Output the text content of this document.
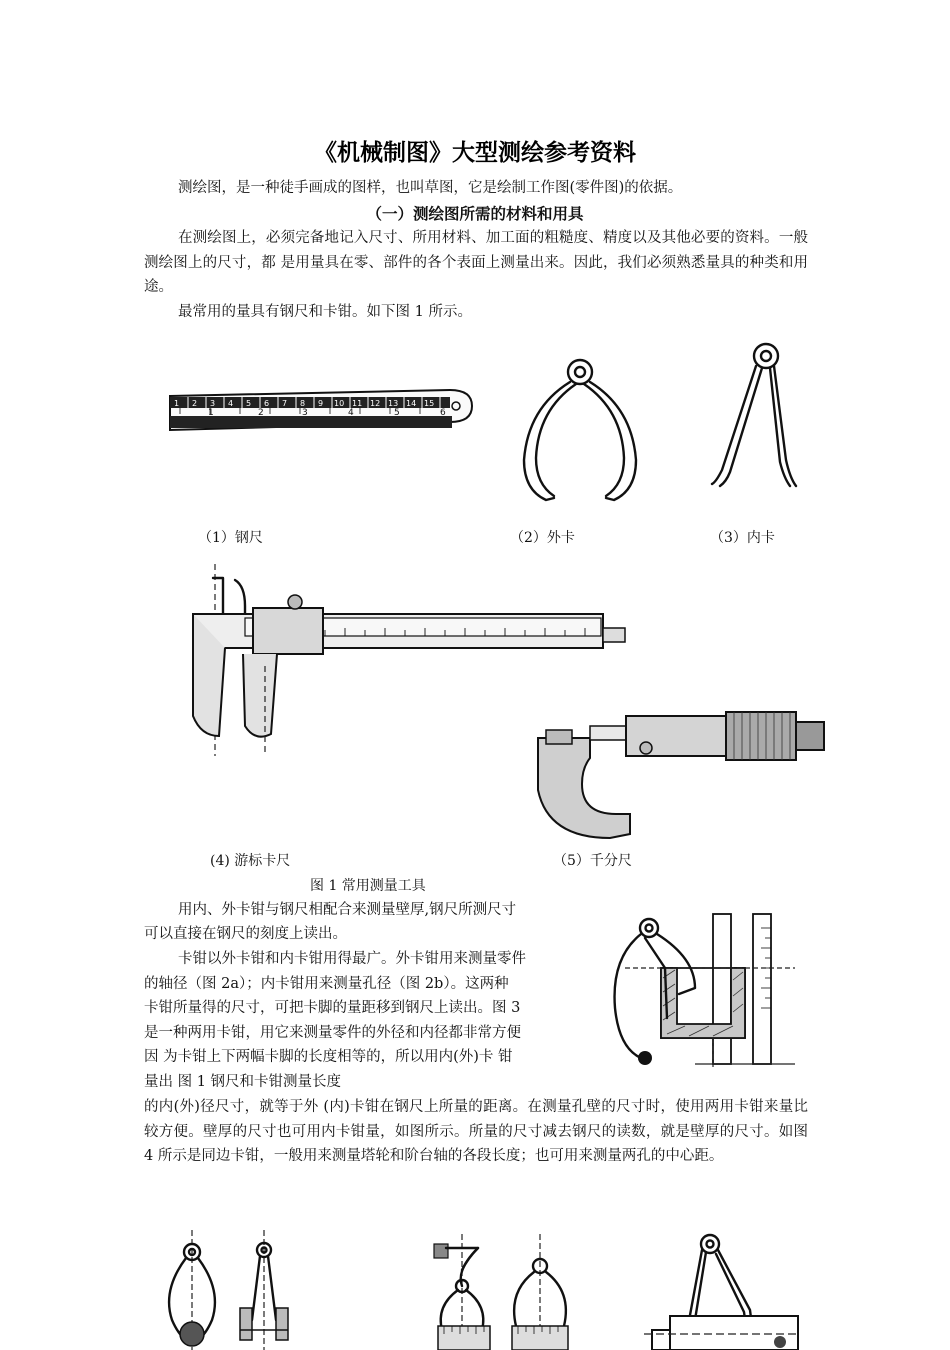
《机械制图》大型测绘参考资料
测绘图，是一种徒手画成的图样，也叫草图，它是绘制工作图(零件图)的依据。
（一）测绘图所需的材料和用具
在测绘图上，必须完备地记入尺寸、所用材料、加工面的粗糙度、精度以及其他必要的资料。一般测绘图上的尺寸，都 是用量具在零、部件的各个表面上测量出来。因此，我们必须熟悉量具的种类和用途。
最常用的量具有钢尺和卡钳。如下图 1 所示。
1 2 3 4 5 6 7 8 9 10 11 12 13 14 15
1	2	3	4	5	6
（1）钢尺	（2）外卡	（3）内卡
(4) 游标卡尺	（5）千分尺
图 1 常用测量工具
用内、外卡钳与钢尺相配合来测量壁厚,钢尺所测尺寸
可以直接在钢尺的刻度上读出。
卡钳以外卡钳和内卡钳用得最广。外卡钳用来测量零件
的轴径（图 2a）；内卡钳用来测量孔径（图 2b）。这两种
卡钳所量得的尺寸，可把卡脚的量距移到钢尺上读出。图 3
是一种两用卡钳，用它来测量零件的外径和内径都非常方便
因 为卡钳上下两幅卡脚的长度相等的，所以用内(外)卡 钳
量出 图 1 钢尺和卡钳测量长度
的内(外)径尺寸，就等于外 (内)卡钳在钢尺上所量的距离。在测量孔壁的尺寸时，使用两用卡钳来量比较方便。壁厚的尺寸也可用内卡钳量，如图所示。所量的尺寸减去钢尺的读数，就是壁厚的尺寸。如图 4 所示是同边卡钳，一般用来测量塔轮和阶台轴的各段长度；也可用来测量两孔的中心距。
